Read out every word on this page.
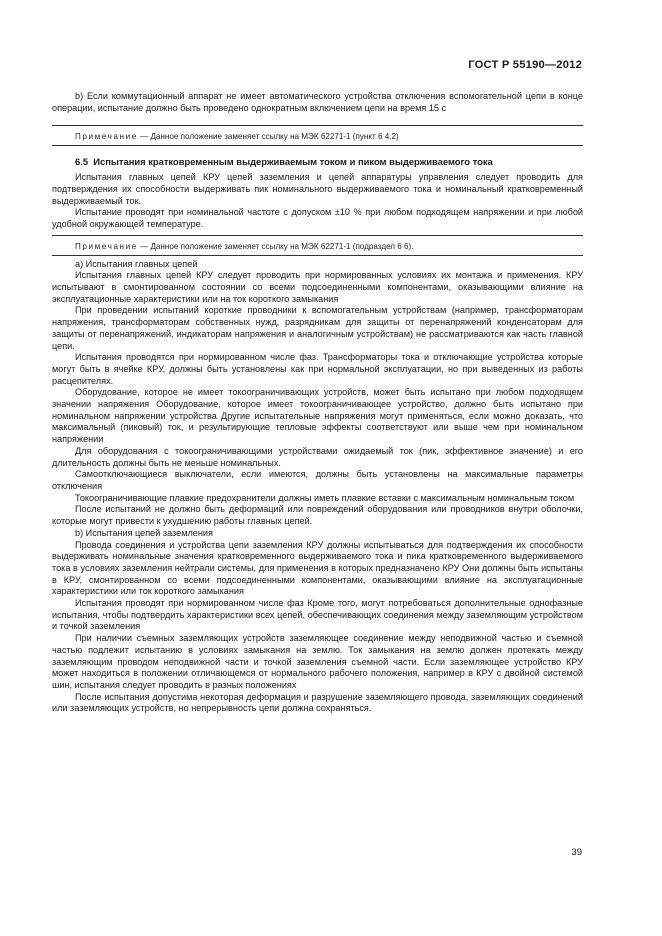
ГОСТ Р 55190—2012

b) Если коммутационный аппарат не имеет автоматического устройства отключения вспомогательной цепи в конце операции, испытание должно быть проведено однократным включением цепи на время 15 с

Примечание — Данное положение заменяет ссылку на МЭК 62271-1 (пункт 6 4.2)

6.5 Испытания кратковременным выдерживаемым током и пиком выдерживаемого тока

Испытания главных цепей КРУ цепей заземления и цепей аппаратуры управления следует проводить для подтверждения их способности выдерживать пик номинального выдерживаемого тока и номинальный кратковременный выдерживаемый ток.

Испытание проводят при номинальной частоте с допуском ±10 % при любом подходящем напряжении и при любой удобной окружающей температуре.

Примечание — Данное положение заменяет ссылку на МЭК 62271-1 (подраздел 6 6).

а) Испытания главных цепей

Испытания главных цепей КРУ следует проводить при нормированных условиях их монтажа и применения. КРУ испытывают в смонтированном состоянии со всеми подсоединенными компонентами, оказывающими влияние на эксплуатационные характеристики или на ток короткого замыкания

При проведении испытаний короткие проводники к вспомогательным устройствам (например, трансформаторам напряжения, трансформаторам собственных нужд, разрядникам для защиты от перенапряжений конденсаторам для защиты от перенапряжений, индикаторам напряжения и аналогичным устройствам) не рассматриваются как часть главной цепи.

Испытания проводятся при нормированном числе фаз. Трансформаторы тока и отключающие устройства которые могут быть в ячейке КРУ, должны быть установлены как при нормальной эксплуатации, но при выведенных из работы расцепителях.

Оборудование, которое не имеет токоограничивающих устройств, может быть испытано при любом подходящем значении напряжения Оборудование, которое имеет токоограничивающее устройство, должно быть испытано при номинальном напряжении устройства Другие испытательные напряжения могут применяться, если можно доказать, что максимальный (пиковый) ток, и результирующие тепловые эффекты соответствуют или выше чем при номинальном напряжении

Для оборудования с токоограничивающими устройствами ожидаемый ток (пик, эффективное значение) и его длительность должны быть не меньше номинальных.

Самоотключающиеся выключатели, если имеются, должны быть установлены на максимальные параметры отключения

Токоограничивающие плавкие предохранители должны иметь плавкие вставки с максимальным номинальным током

После испытаний не должно быть деформаций или повреждений оборудования или проводников внутри оболочки, которые могут привести к ухудшению работы главных цепей.

b) Испытания цепей заземления

Провода соединения и устройства цепи заземления КРУ должны испытываться для подтверждения их способности выдерживать номинальные значения кратковременного выдерживаемого тока и пика кратковременного выдерживаемого тока в условиях заземления нейтрали системы, для применения в которых предназначено КРУ Они должны быть испытаны в КРУ, смонтированном со всеми подсоединенными компонентами, оказывающими влияние на эксплуатационные характеристики или ток короткого замыкания

Испытания проводят при нормированном числе фаз Кроме того, могут потребоваться дополнительные однофазные испытания, чтобы подтвердить характеристики всех цепей, обеспечивающих соединения между заземляющим устройством и точкой заземления

При наличии съемных заземляющих устройств заземляющее соединение между неподвижной частью и съемной частью подлежит испытанию в условиях замыкания на землю. Ток замыкания на землю должен протекать между заземляющим проводом неподвижной части и точкой заземления съемной части. Если заземляющее устройство КРУ может находиться в положении отличающемся от нормального рабочего положения, например в КРУ с двойной системой шин, испытания следует проводить в разных положениях

После испытания допустима некоторая деформация и разрушение заземляющего провода, заземляющих соединений или заземляющих устройств, но непрерывность цепи должна сохраняться.

39
